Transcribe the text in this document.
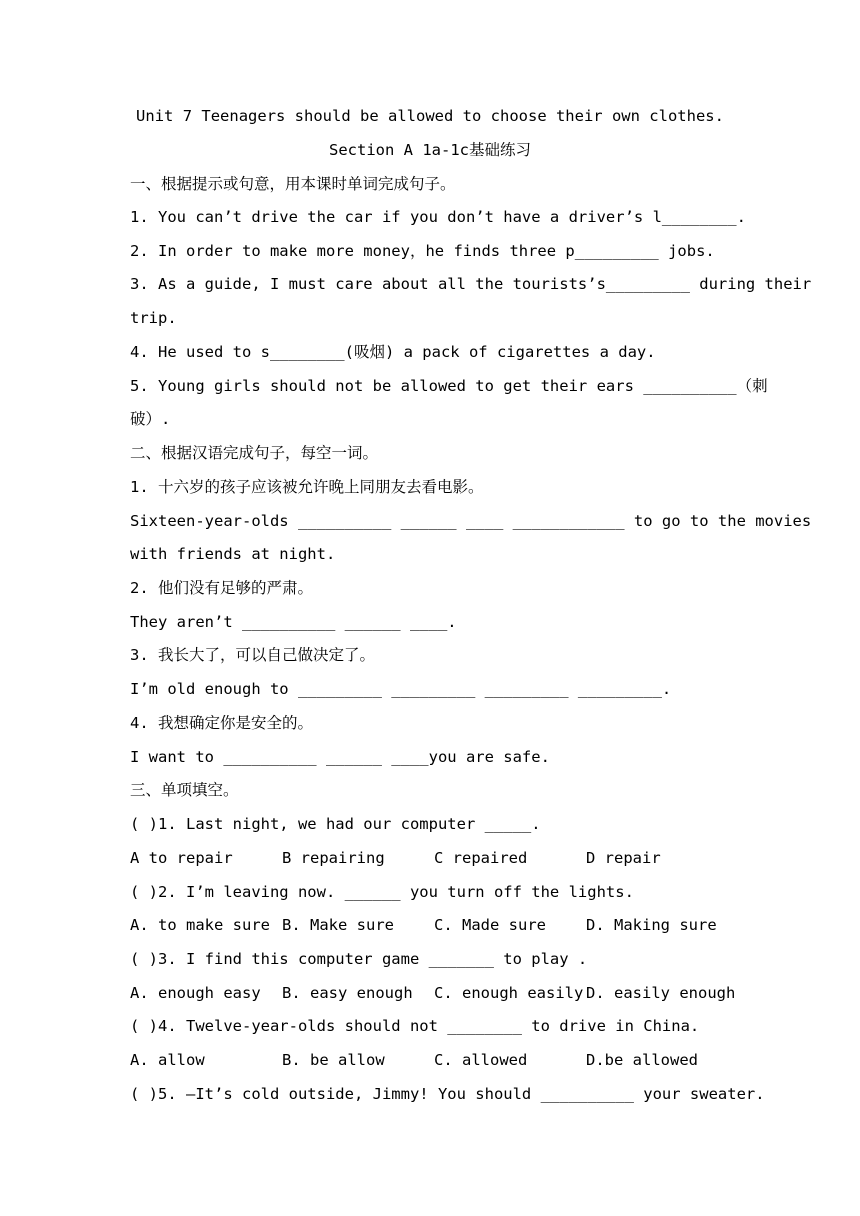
Unit 7 Teenagers should be allowed to choose their own clothes.
Section A 1a-1c基础练习
一、根据提示或句意，用本课时单词完成句子。
1. You can’t drive the car if you don’t have a driver’s l________.
2. In order to make more money，he finds three p_________ jobs.
3. As a guide, I must care about all the tourists’s_________ during their
trip.
4. He used to s________(吸烟) a pack of cigarettes a day.
5. Young girls should not be allowed to get their ears __________（刺
破）.
二、根据汉语完成句子，每空一词。
1. 十六岁的孩子应该被允许晚上同朋友去看电影。
Sixteen-year-olds __________ ______ ____ ____________ to go to the movies
with friends at night.
2. 他们没有足够的严肃。
They aren’t __________ ______ ____.
3. 我长大了，可以自己做决定了。
I’m old enough to _________ _________ _________ _________.
4. 我想确定你是安全的。
I want to __________ ______ ____you are safe.
三、单项填空。
( )1. Last night, we had our computer _____.
A to repair	B repairing	C repaired	D repair
( )2. I’m leaving now. ______ you turn off the lights.
A. to make sure B. Make sure	C. Made sure	D. Making sure
( )3. I find this computer game _______ to play .
A. enough easy	B. easy enough	C. enough easily D. easily enough
( )4. Twelve-year-olds should not ________ to drive in China.
A. allow	B. be allow	C. allowed	D.be allowed
( )5. —It’s cold outside, Jimmy! You should __________ your sweater.
